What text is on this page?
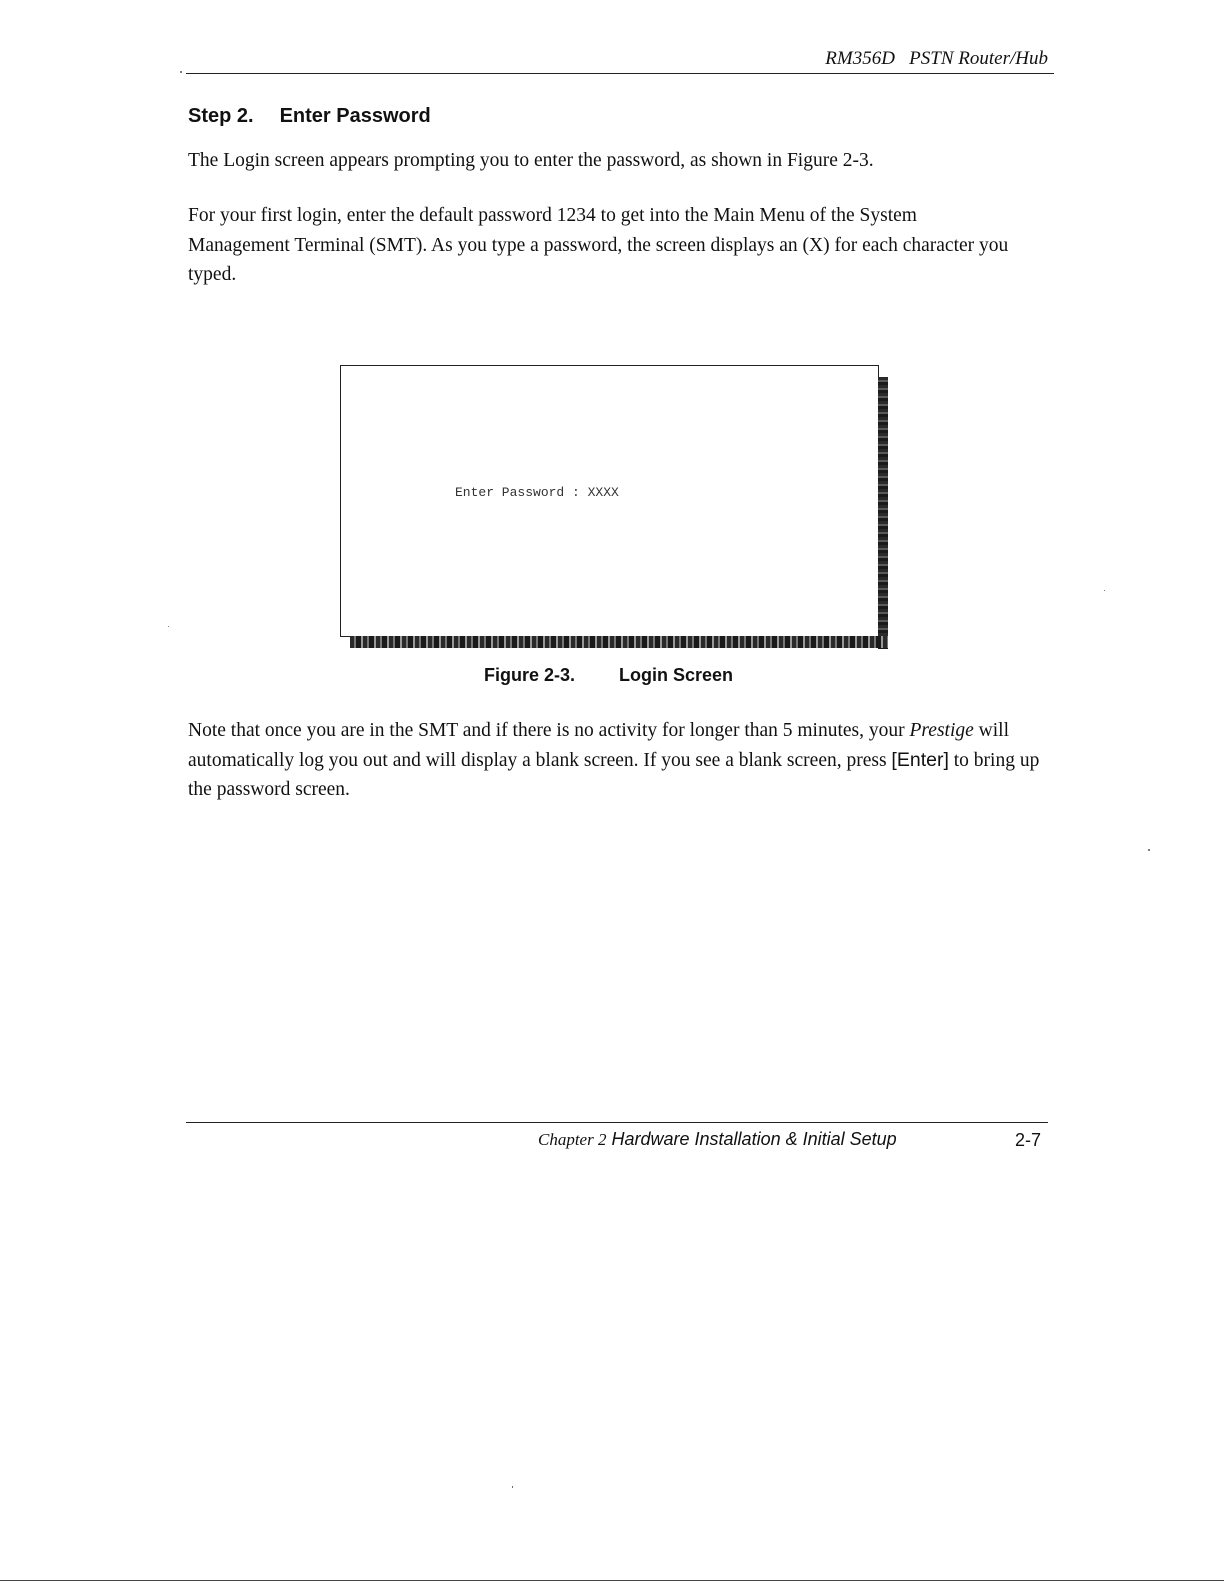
RM356D   PSTN Router/Hub
Step 2. Enter Password
The Login screen appears prompting you to enter the password, as shown in Figure 2-3.
For your first login, enter the default password 1234 to get into the Main Menu of the System Management Terminal (SMT). As you type a password, the screen displays an (X) for each character you typed.
Enter Password : XXXX
Figure 2-3. Login Screen
Note that once you are in the SMT and if there is no activity for longer than 5 minutes, your Prestige will automatically log you out and will display a blank screen. If you see a blank screen, press [Enter] to bring up the password screen.
Chapter 2 Hardware Installation & Initial Setup	2-7
